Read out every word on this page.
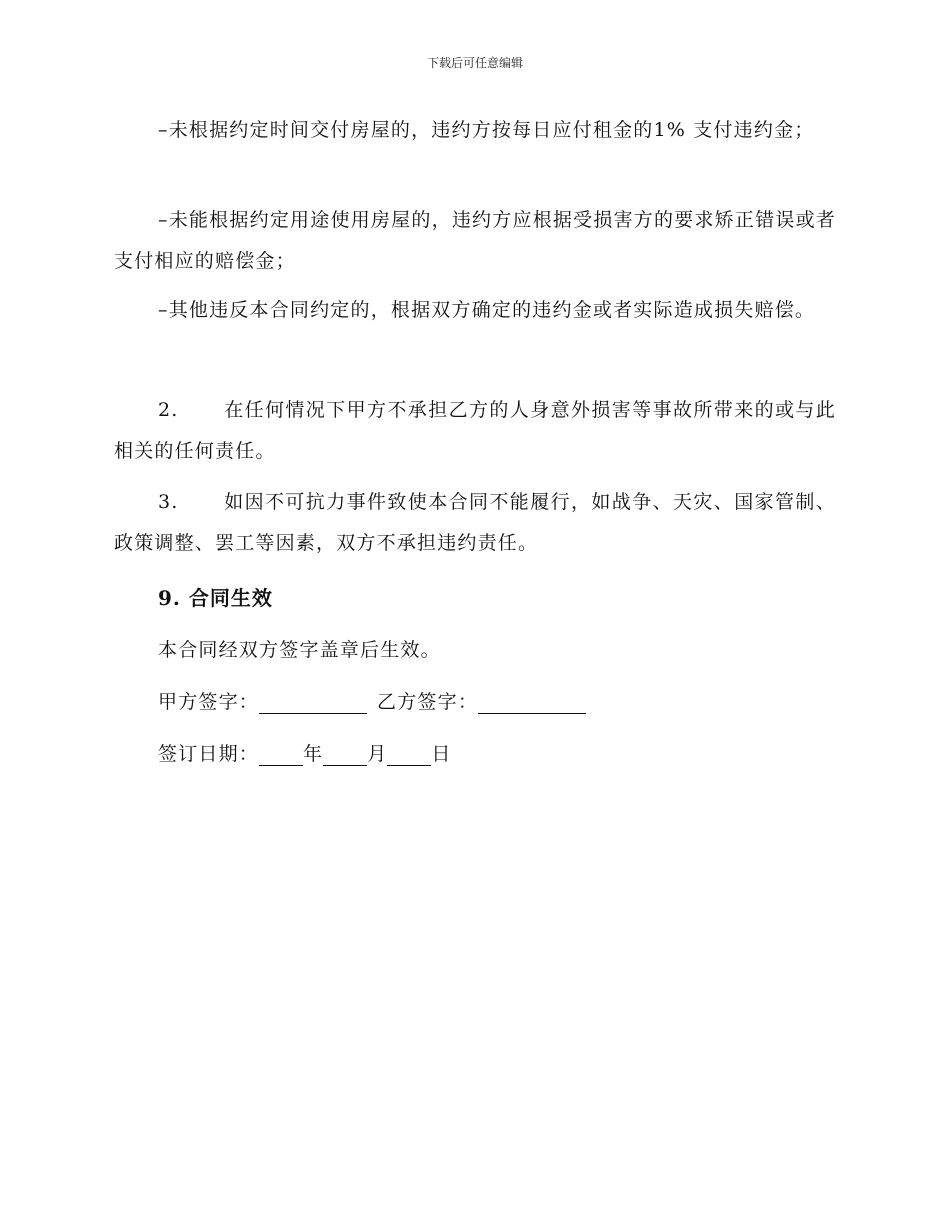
下载后可任意编辑

–未根据约定时间交付房屋的，违约方按每日应付租金的1% 支付违约金；

–未能根据约定用途使用房屋的，违约方应根据受损害方的要求矫正错误或者支付相应的赔偿金；

–其他违反本合同约定的，根据双方确定的违约金或者实际造成损失赔偿。

2. 在任何情况下甲方不承担乙方的人身意外损害等事故所带来的或与此相关的任何责任。

3. 如因不可抗力事件致使本合同不能履行，如战争、天灾、国家管制、政策调整、罢工等因素，双方不承担违约责任。

9. 合同生效
本合同经双方签字盖章后生效。
甲方签字：	乙方签字：
签订日期： 年 月 日
